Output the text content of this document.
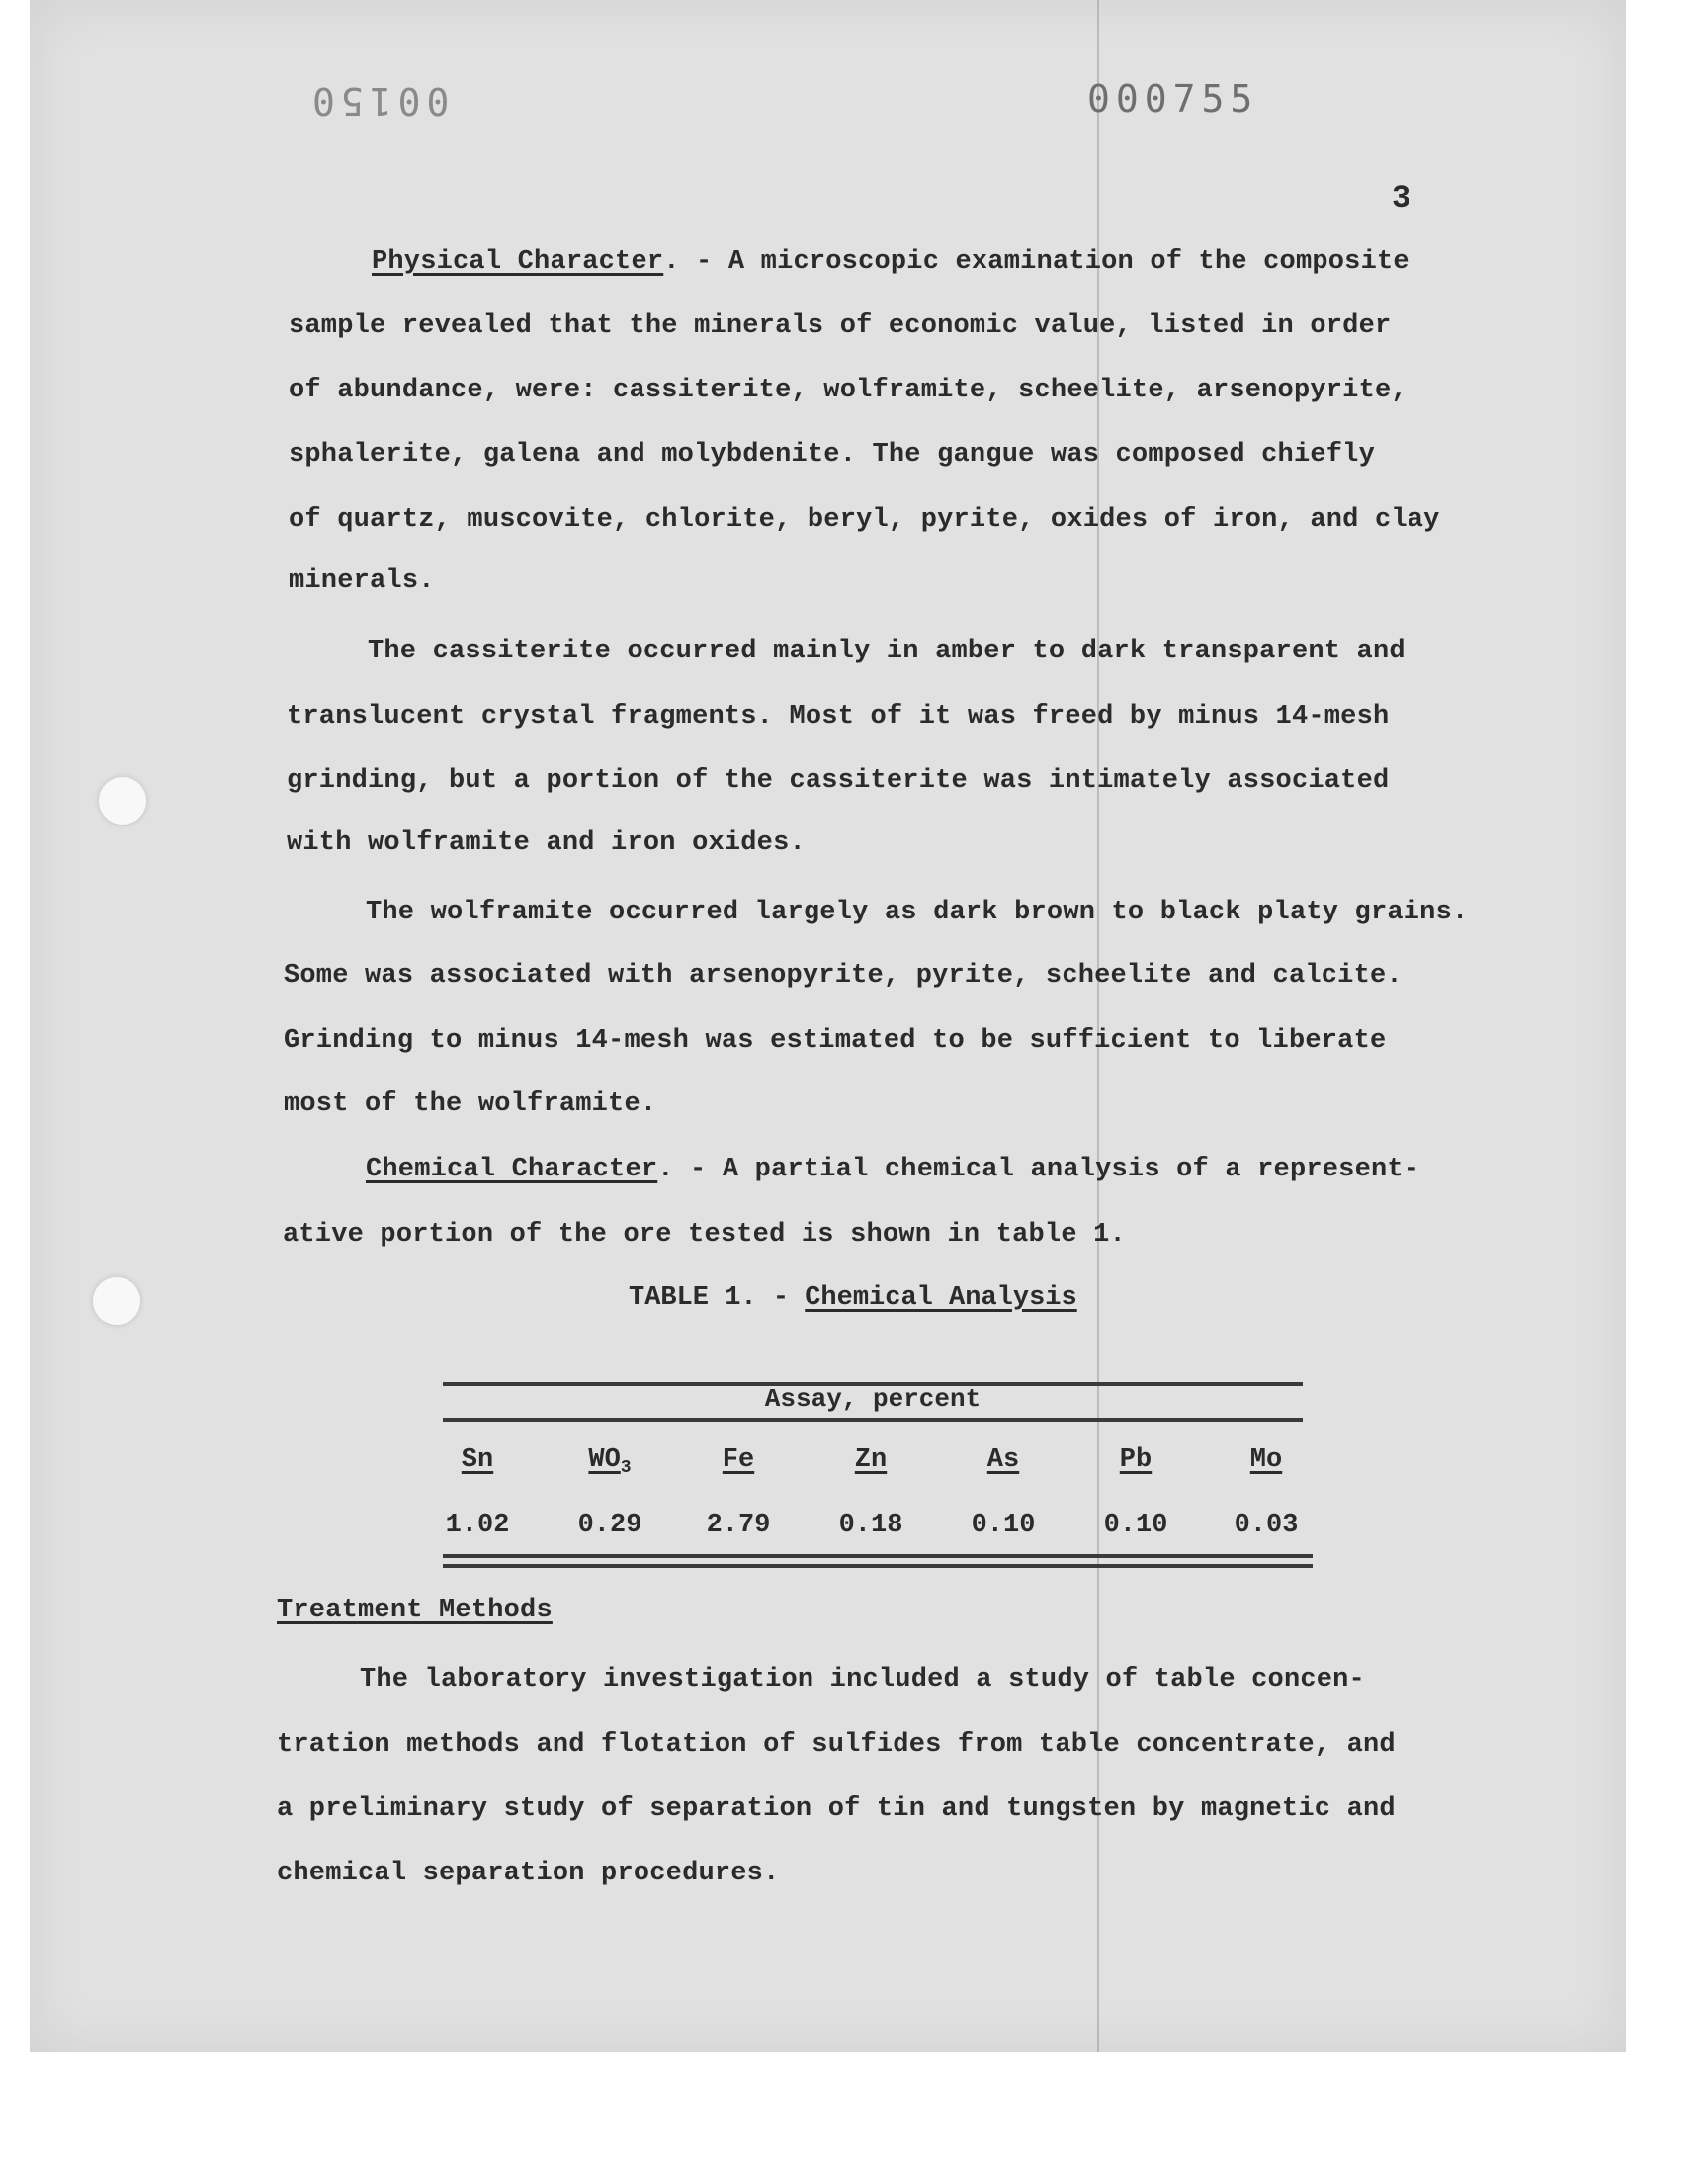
00150	000755
3
Physical Character. - A microscopic examination of the composite
sample revealed that the minerals of economic value, listed in order
of abundance, were: cassiterite, wolframite, scheelite, arsenopyrite,
sphalerite, galena and molybdenite. The gangue was composed chiefly
of quartz, muscovite, chlorite, beryl, pyrite, oxides of iron, and clay
minerals.
The cassiterite occurred mainly in amber to dark transparent and
translucent crystal fragments. Most of it was freed by minus 14-mesh
grinding, but a portion of the cassiterite was intimately associated
with wolframite and iron oxides.
The wolframite occurred largely as dark brown to black platy grains.
Some was associated with arsenopyrite, pyrite, scheelite and calcite.
Grinding to minus 14-mesh was estimated to be sufficient to liberate
most of the wolframite.
Chemical Character. - A partial chemical analysis of a represent-
ative portion of the ore tested is shown in table 1.
TABLE 1. - Chemical Analysis
Assay, percent
Sn	$WO_3$	Fe	Zn	As	Pb	Mo
1.02	0.29	2.79	0.18	0.10	0.10	0.03
Treatment Methods
The laboratory investigation included a study of table concen-
tration methods and flotation of sulfides from table concentrate, and
a preliminary study of separation of tin and tungsten by magnetic and
chemical separation procedures.
